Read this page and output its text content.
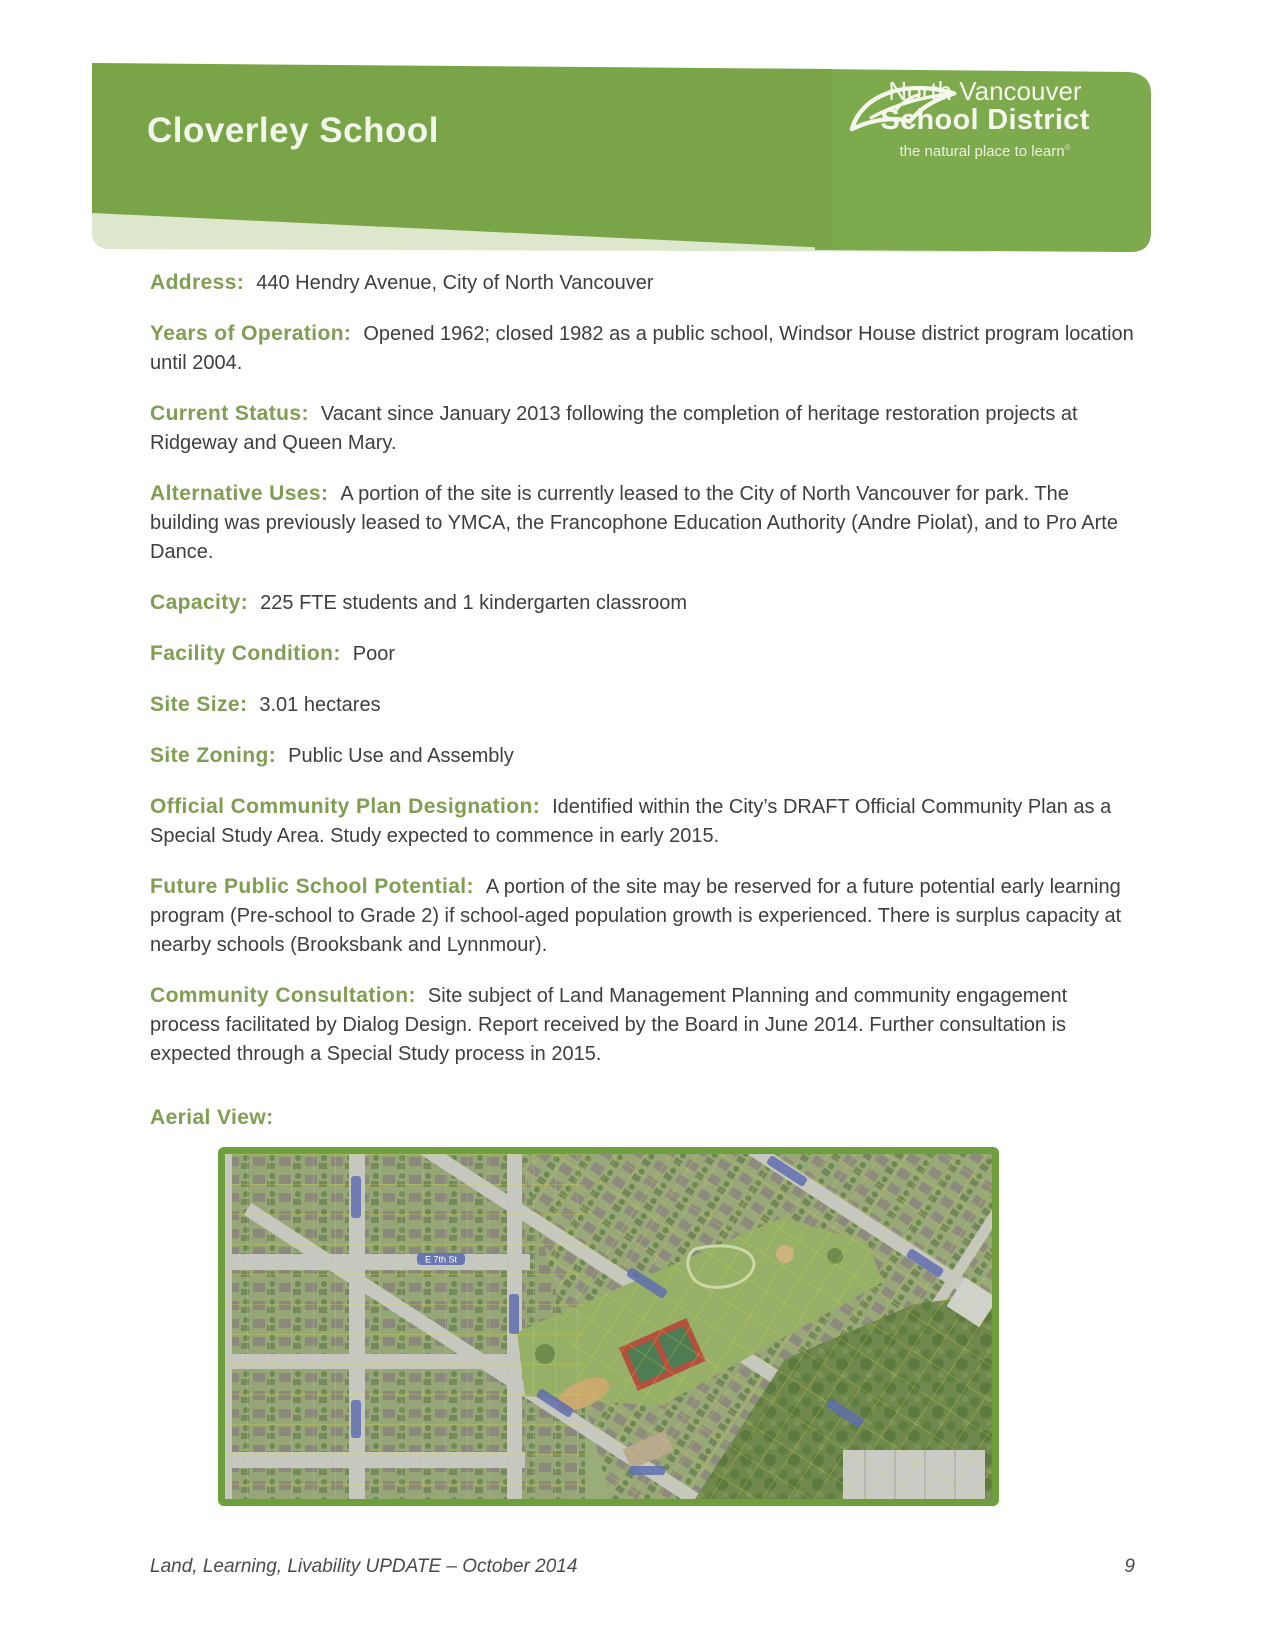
Cloverley School
North Vancouver
School District
the natural place to learn®

Address: 440 Hendry Avenue, City of North Vancouver

Years of Operation: Opened 1962; closed 1982 as a public school, Windsor House district program location until 2004.

Current Status: Vacant since January 2013 following the completion of heritage restoration projects at Ridgeway and Queen Mary.

Alternative Uses: A portion of the site is currently leased to the City of North Vancouver for park. The building was previously leased to YMCA, the Francophone Education Authority (Andre Piolat), and to Pro Arte Dance.

Capacity: 225 FTE students and 1 kindergarten classroom

Facility Condition: Poor

Site Size: 3.01 hectares

Site Zoning: Public Use and Assembly

Official Community Plan Designation: Identified within the City’s DRAFT Official Community Plan as a Special Study Area. Study expected to commence in early 2015.

Future Public School Potential: A portion of the site may be reserved for a future potential early learning program (Pre-school to Grade 2) if school-aged population growth is experienced. There is surplus capacity at nearby schools (Brooksbank and Lynnmour).

Community Consultation: Site subject of Land Management Planning and community engagement process facilitated by Dialog Design. Report received by the Board in June 2014. Further consultation is expected through a Special Study process in 2015.

Aerial View:

E 7th St
Land, Learning, Livability UPDATE – October 2014	9
